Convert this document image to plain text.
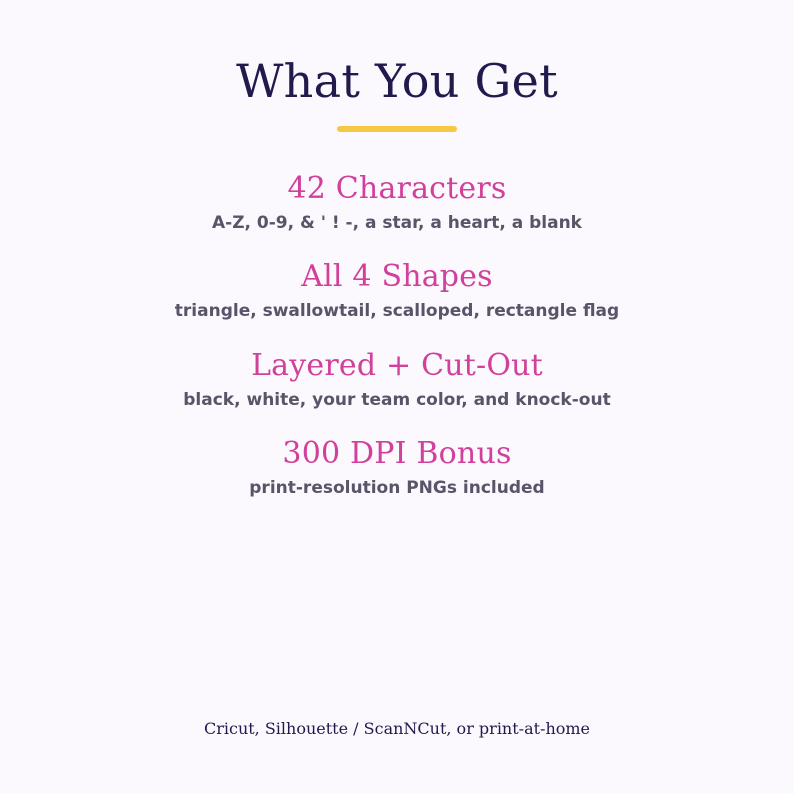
What You Get
42 Characters
A-Z, 0-9, & ' ! -, a star, a heart, a blank
All 4 Shapes
triangle, swallowtail, scalloped, rectangle flag
Layered + Cut-Out
black, white, your team color, and knock-out
300 DPI Bonus
print-resolution PNGs included
Cricut, Silhouette / ScanNCut, or print-at-home
